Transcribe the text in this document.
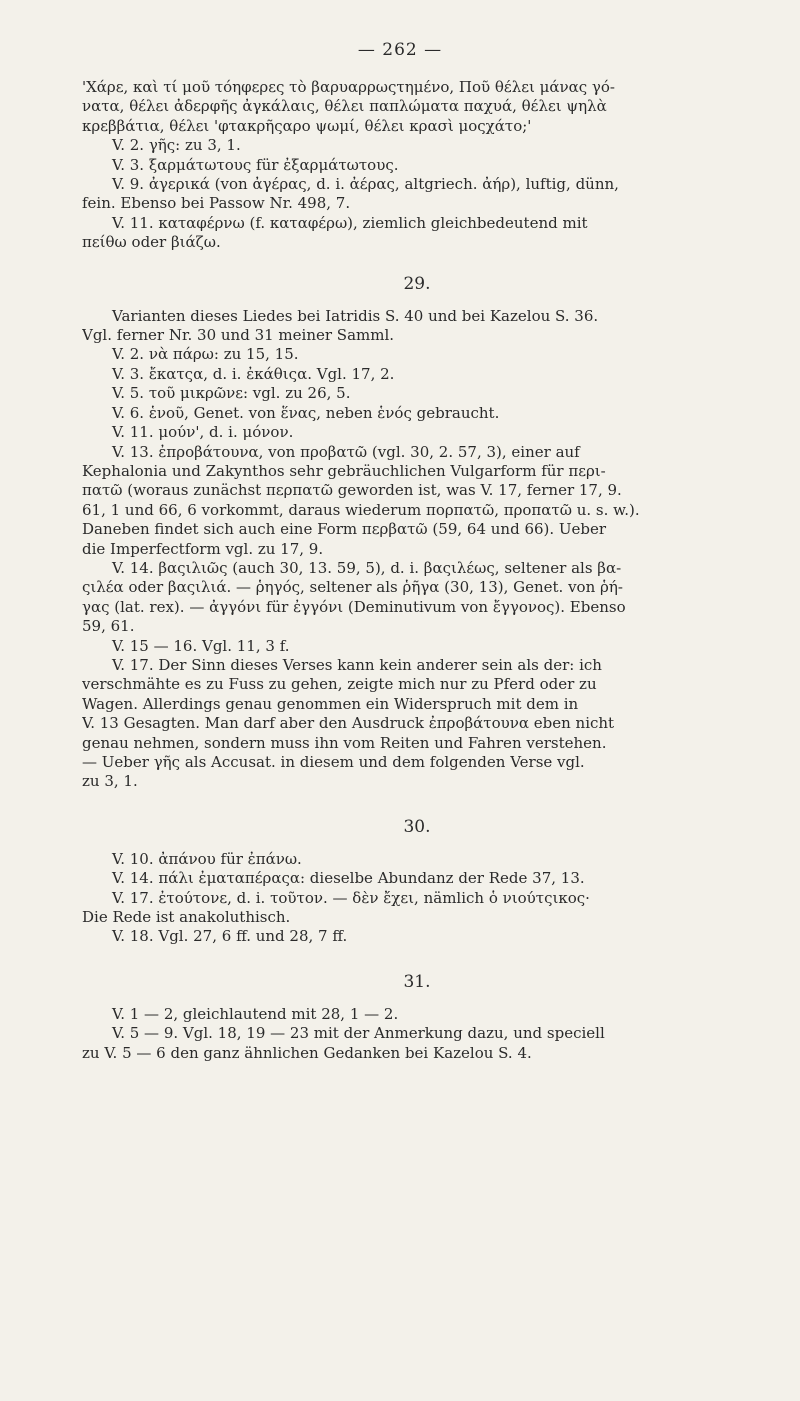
— 262 —
'Χάρε, καὶ τί μοῦ τόηφερες τὸ βαρυαρρωςτημένο, Ποῦ θέλει μάνας γό-
νατα, θέλει ἀδερφῆς ἀγκάλαις, θέλει παπλώματα παχυά, θέλει ψηλὰ
κρεββάτια, θέλει 'φτακρῆςαρο ψωμί, θέλει κρασὶ μοςχάτο;'
V. 2. γῆς: zu 3, 1.
V. 3. ξαρμάτωτους für ἐξαρμάτωτους.
V. 9. ἀγερικά (von ἀγέρας, d. i. ἀέρας, altgriech. ἀήρ), luftig, dünn,
fein. Ebenso bei Passow Nr. 498, 7.
V. 11. καταφέρνω (f. καταφέρω), ziemlich gleichbedeutend mit
πείθω oder βιάζω.
29.
Varianten dieses Liedes bei Iatridis S. 40 und bei Kazelou S. 36.
Vgl. ferner Nr. 30 und 31 meiner Samml.
V. 2. νὰ πάρω: zu 15, 15.
V. 3. ἔκατςα, d. i. ἐκάθιςα. Vgl. 17, 2.
V. 5. τοῦ μικρῶνε: vgl. zu 26, 5.
V. 6. ἑνοῦ, Genet. von ἕνας, neben ἑνός gebraucht.
V. 11. μούν', d. i. μόνον.
V. 13. ἐπροβάτουνα, von προβατῶ (vgl. 30, 2. 57, 3), einer auf
Kephalonia und Zakynthos sehr gebräuchlichen Vulgarform für περι-
πατῶ (woraus zunächst περπατῶ geworden ist, was V. 17, ferner 17, 9.
61, 1 und 66, 6 vorkommt, daraus wiederum πορπατῶ, προπατῶ u. s. w.).
Daneben findet sich auch eine Form περβατῶ (59, 64 und 66). Ueber
die Imperfectform vgl. zu 17, 9.
V. 14. βαςιλιῶς (auch 30, 13. 59, 5), d. i. βαςιλέως, seltener als βα-
ςιλέα oder βαςιλιά. — ῥηγός, seltener als ῥῆγα (30, 13), Genet. von ῥή-
γας (lat. rex). — ἀγγόνι für ἐγγόνι (Deminutivum von ἔγγονος). Ebenso
59, 61.
V. 15 — 16. Vgl. 11, 3 f.
V. 17. Der Sinn dieses Verses kann kein anderer sein als der: ich
verschmähte es zu Fuss zu gehen, zeigte mich nur zu Pferd oder zu
Wagen. Allerdings genau genommen ein Widerspruch mit dem in
V. 13 Gesagten. Man darf aber den Ausdruck ἐπροβάτουνα eben nicht
genau nehmen, sondern muss ihn vom Reiten und Fahren verstehen.
— Ueber γῆς als Accusat. in diesem und dem folgenden Verse vgl.
zu 3, 1.
30.
V. 10. ἀπάνου für ἐπάνω.
V. 14. πάλι ἐματαπέραςα: dieselbe Abundanz der Rede 37, 13.
V. 17. ἐτούτονε, d. i. τοῦτον. — δὲν ἔχει, nämlich ὁ νιούτςικος·
Die Rede ist anakoluthisch.
V. 18. Vgl. 27, 6 ff. und 28, 7 ff.
31.
V. 1 — 2, gleichlautend mit 28, 1 — 2.
V. 5 — 9. Vgl. 18, 19 — 23 mit der Anmerkung dazu, und speciell
zu V. 5 — 6 den ganz ähnlichen Gedanken bei Kazelou S. 4.
